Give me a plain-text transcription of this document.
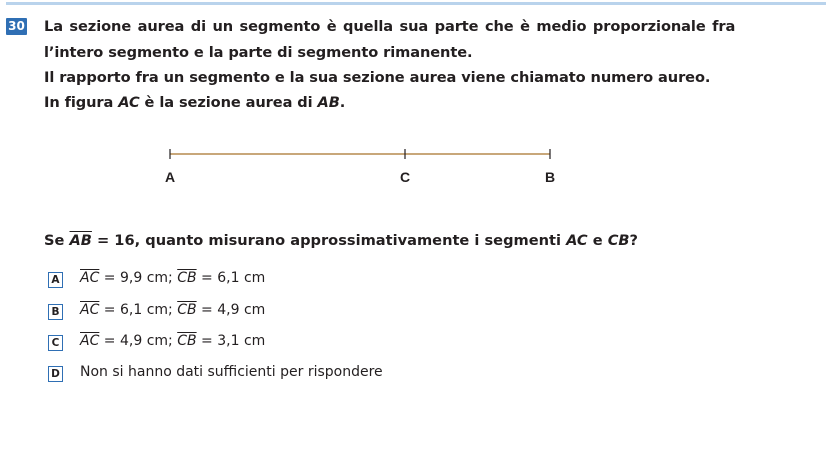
30 La sezione aurea di un segmento è quella sua parte che è medio proporzionale fra
l’intero segmento e la parte di segmento rimanente.
Il rapporto fra un segmento e la sua sezione aurea viene chiamato numero aureo.
In figura AC è la sezione aurea di AB.
A	C	B
Se $\overline{AB} = 16$, quanto misurano approssimativamente i segmenti AC e CB?
A $\overline{AC} = 9,9$ cm; $\overline{CB} = 6,1$ cm
B $\overline{AC} = 6,1$ cm; $\overline{CB} = 4,9$ cm
C $\overline{AC} = 4,9$ cm; $\overline{CB} = 3,1$ cm
D Non si hanno dati sufficienti per rispondere
